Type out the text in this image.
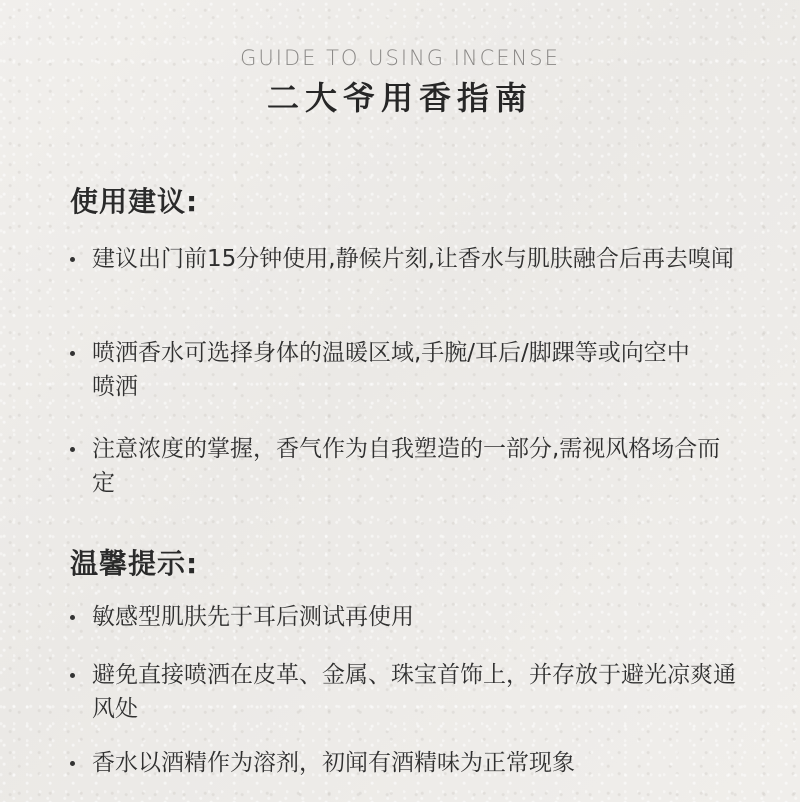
GUIDE TO USING INCENSE
二大爷用香指南
使用建议:
建议出门前15分钟使用,静候片刻,让香水与肌肤融合后再去嗅闻
喷洒香水可选择身体的温暖区域,手腕/耳后/脚踝等或向空中喷洒
注意浓度的掌握，香气作为自我塑造的一部分,需视风格场合而定
温馨提示:
敏感型肌肤先于耳后测试再使用
避免直接喷洒在皮革、金属、珠宝首饰上，并存放于避光凉爽通风处
香水以酒精作为溶剂，初闻有酒精味为正常现象
